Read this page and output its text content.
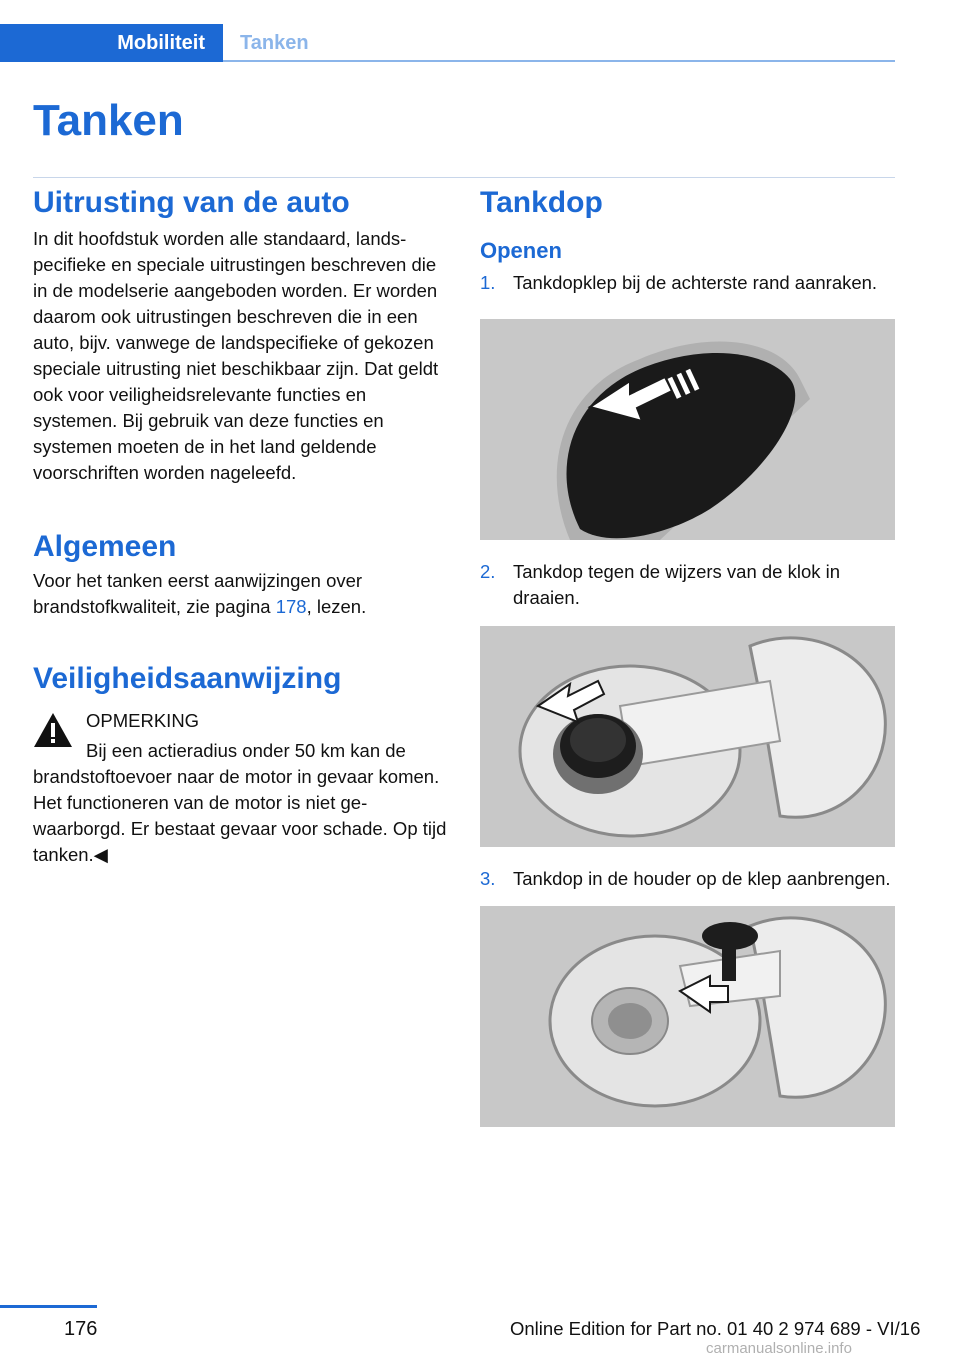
Mobiliteit	Tanken
Tanken
Uitrusting van de auto

In dit hoofdstuk worden alle standaard, landspecifieke en speciale uitrustingen beschreven die in de modelserie aangeboden worden. Er worden daarom ook uitrustingen beschreven die in een auto, bijv. vanwege de landspecifieke of gekozen speciale uitrusting niet beschikbaar zijn. Dat geldt ook voor veiligheidsrelevante functies en systemen. Bij gebruik van deze functies en systemen moeten de in het land geldende voorschriften worden nageleefd.

Algemeen

Voor het tanken eerst aanwijzingen over brandstofkwaliteit, zie pagina 178, lezen.

Veiligheidsaanwijzing

OPMERKING

Bij een actieradius onder 50 km kan de brandstoftoevoer naar de motor in gevaar komen. Het functioneren van de motor is niet gewaarborgd. Er bestaat gevaar voor schade. Op tijd tanken.◀

Tankdop
Openen
1. Tankdopklep bij de achterste rand aanraken.
2. Tankdop tegen de wijzers van de klok in draaien.
3. Tankdop in de houder op de klep aanbrengen.
176	Online Edition for Part no. 01 40 2 974 689 - VI/16
carmanualsonline.info
